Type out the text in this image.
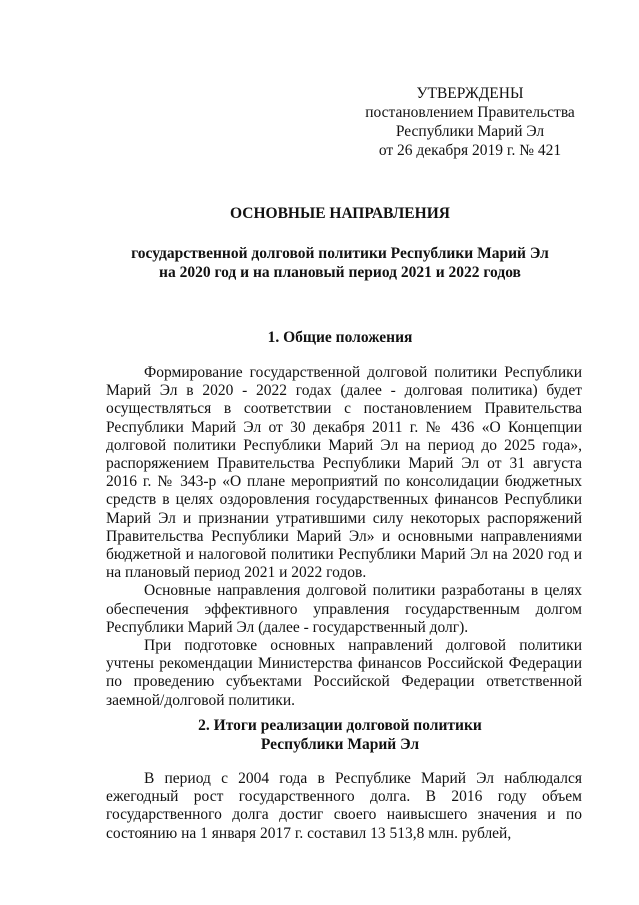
УТВЕРЖДЕНЫ
постановлением Правительства
Республики Марий Эл
от 26 декабря 2019 г. № 421
ОСНОВНЫЕ НАПРАВЛЕНИЯ
государственной долговой политики Республики Марий Эл
на 2020 год и на плановый период 2021 и 2022 годов
1. Общие положения

Формирование государственной долговой политики Республики Марий Эл в 2020 - 2022 годах (далее - долговая политика) будет осуществляться в соответствии с постановлением Правительства Республики Марий Эл от 30 декабря 2011 г. № 436 «О Концепции долговой политики Республики Марий Эл на период до 2025 года», распоряжением Правительства Республики Марий Эл от 31 августа 2016 г. № 343-р «О плане мероприятий по консолидации бюджетных средств в целях оздоровления государственных финансов Республики Марий Эл и признании утратившими силу некоторых распоряжений Правительства Республики Марий Эл» и основными направлениями бюджетной и налоговой политики Республики Марий Эл на 2020 год и на плановый период 2021 и 2022 годов.

Основные направления долговой политики разработаны в целях обеспечения эффективного управления государственным долгом Республики Марий Эл (далее - государственный долг).

При подготовке основных направлений долговой политики учтены рекомендации Министерства финансов Российской Федерации по проведению субъектами Российской Федерации ответственной заемной/долговой политики.

2. Итоги реализации долговой политики
Республики Марий Эл

В период с 2004 года в Республике Марий Эл наблюдался ежегодный рост государственного долга. В 2016 году объем государственного долга достиг своего наивысшего значения и по состоянию на 1 января 2017 г. составил 13 513,8 млн. рублей,
